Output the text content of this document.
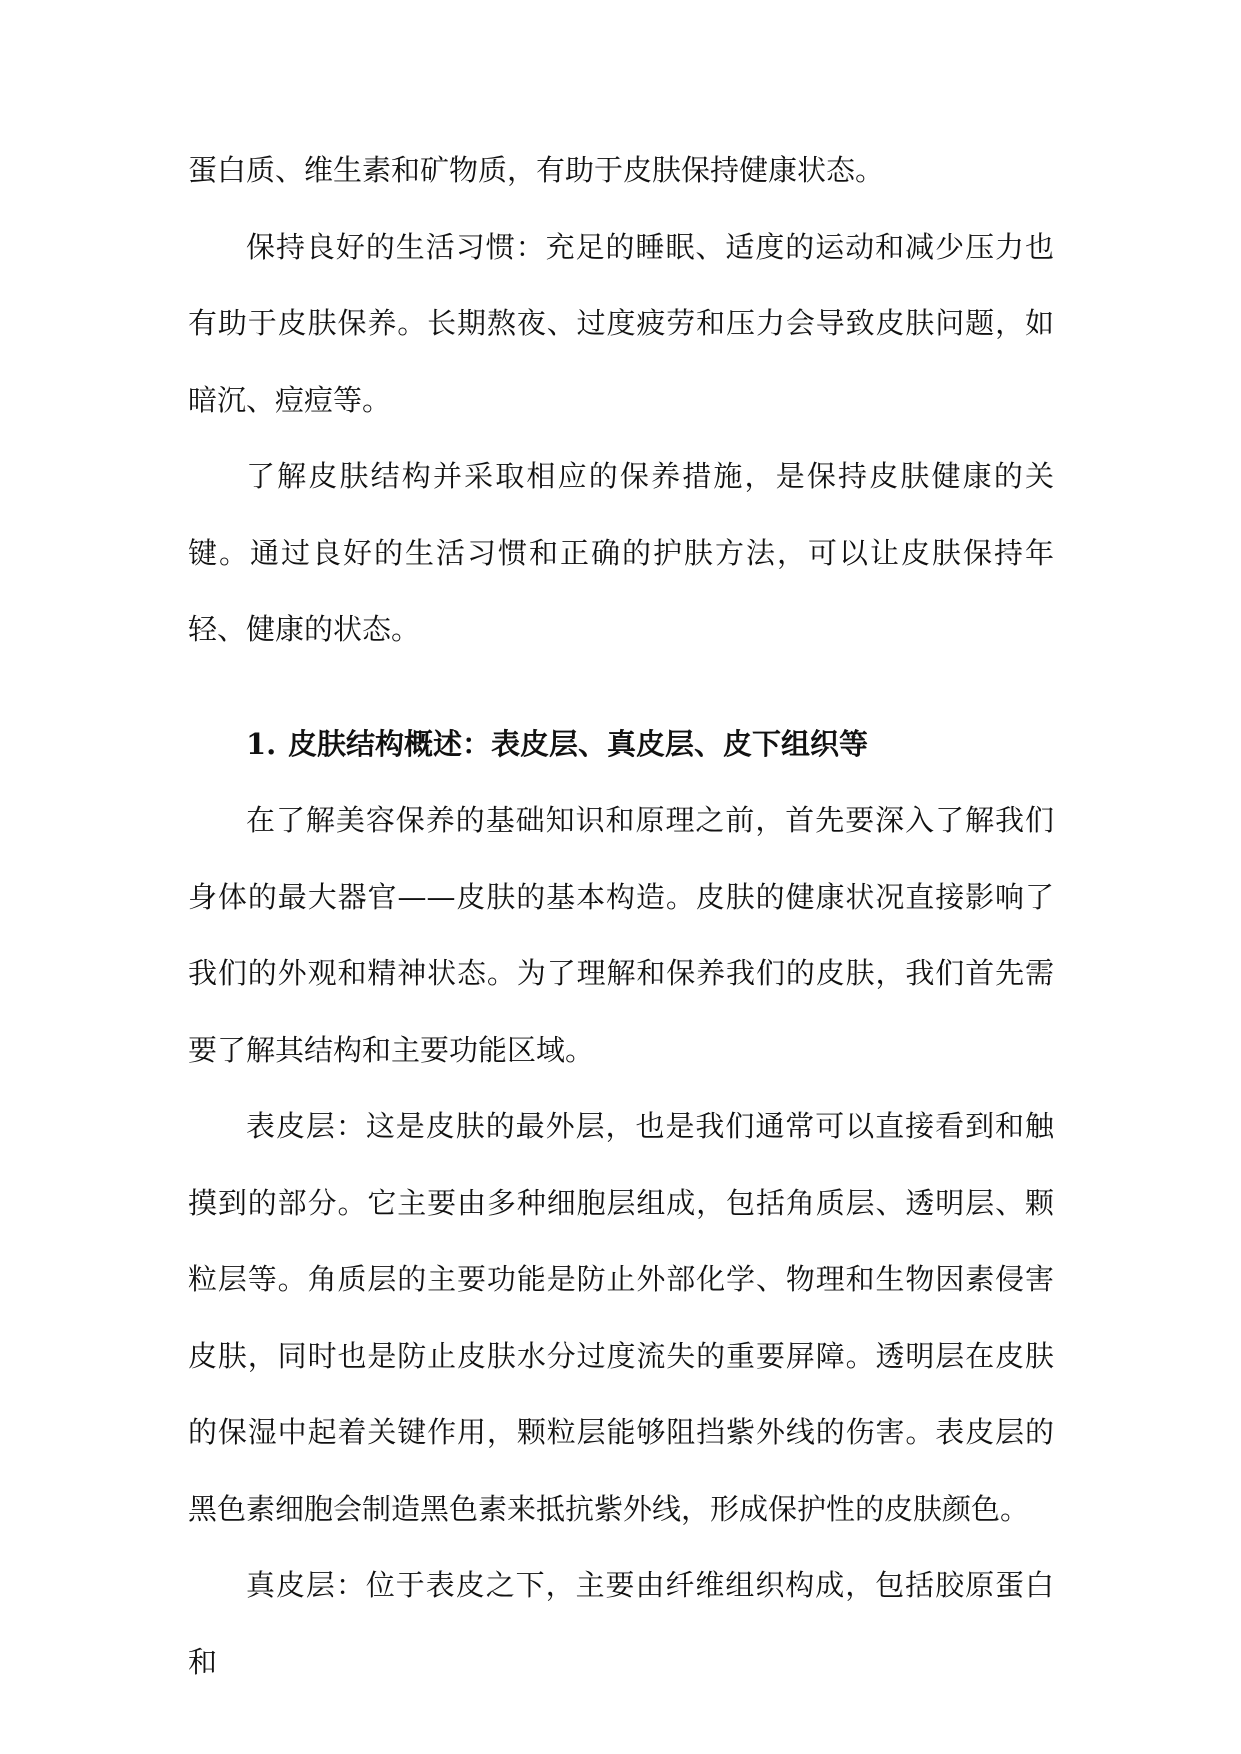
蛋白质、维生素和矿物质，有助于皮肤保持健康状态。

保持良好的生活习惯：充足的睡眠、适度的运动和减少压力也有助于皮肤保养。长期熬夜、过度疲劳和压力会导致皮肤问题，如暗沉、痘痘等。

了解皮肤结构并采取相应的保养措施，是保持皮肤健康的关键。通过良好的生活习惯和正确的护肤方法，可以让皮肤保持年轻、健康的状态。

1. 皮肤结构概述：表皮层、真皮层、皮下组织等

在了解美容保养的基础知识和原理之前，首先要深入了解我们身体的最大器官——皮肤的基本构造。皮肤的健康状况直接影响了我们的外观和精神状态。为了理解和保养我们的皮肤，我们首先需要了解其结构和主要功能区域。

表皮层：这是皮肤的最外层，也是我们通常可以直接看到和触摸到的部分。它主要由多种细胞层组成，包括角质层、透明层、颗粒层等。角质层的主要功能是防止外部化学、物理和生物因素侵害皮肤，同时也是防止皮肤水分过度流失的重要屏障。透明层在皮肤的保湿中起着关键作用，颗粒层能够阻挡紫外线的伤害。表皮层的黑色素细胞会制造黑色素来抵抗紫外线，形成保护性的皮肤颜色。

真皮层：位于表皮之下，主要由纤维组织构成，包括胶原蛋白和
